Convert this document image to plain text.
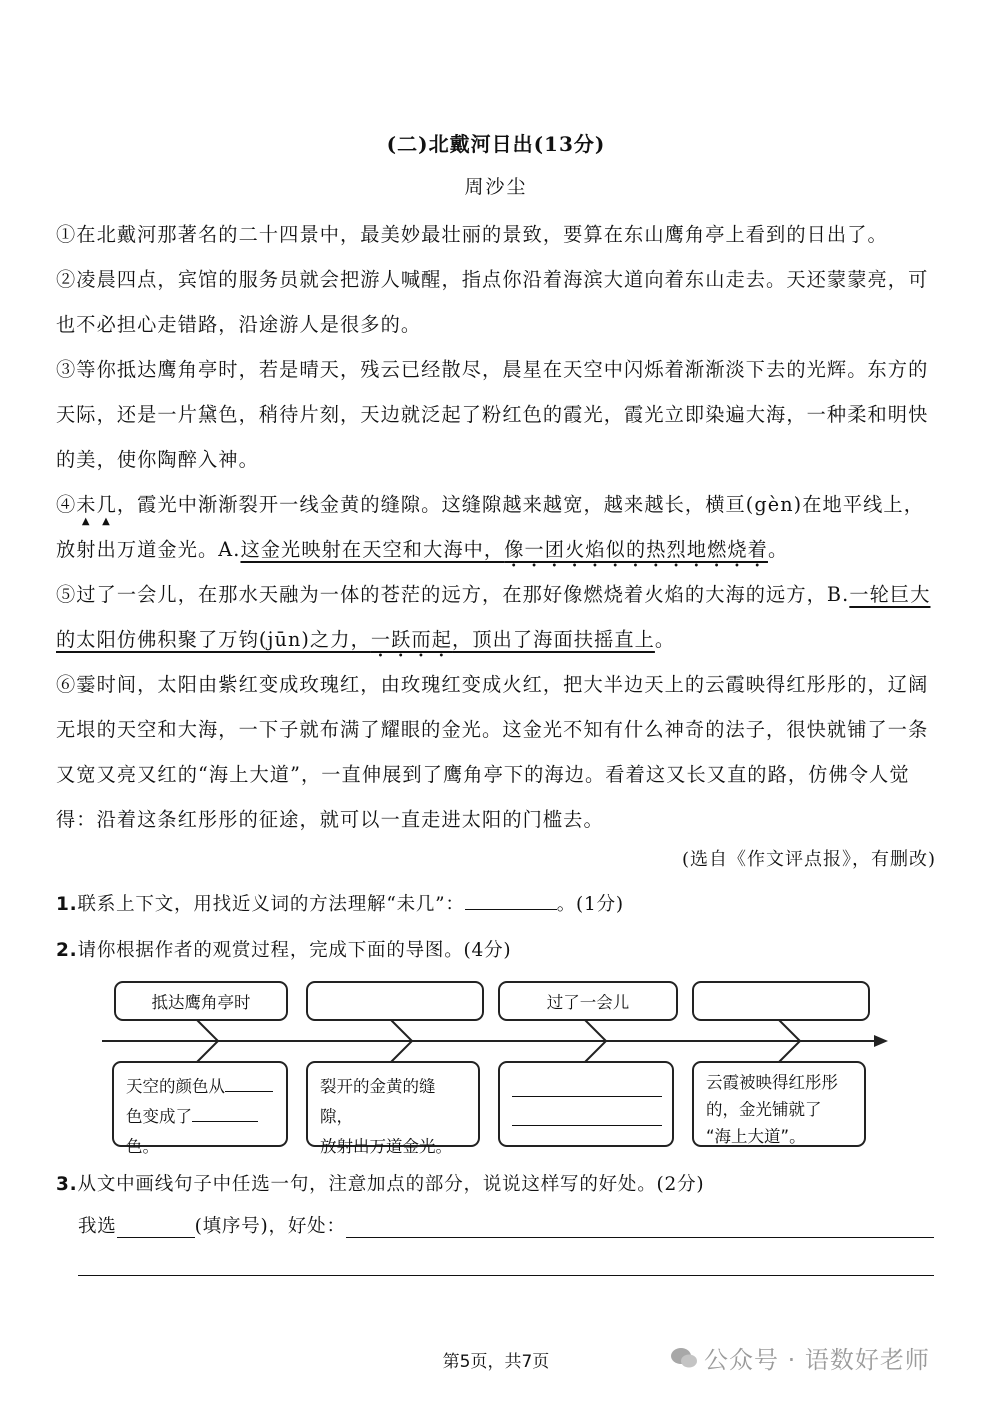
(二)北戴河日出(13分)
周沙尘

①在北戴河那著名的二十四景中，最美妙最壮丽的景致，要算在东山鹰角亭上看到的日出了。

②凌晨四点，宾馆的服务员就会把游人喊醒，指点你沿着海滨大道向着东山走去。天还蒙蒙亮，可也不必担心走错路，沿途游人是很多的。

③等你抵达鹰角亭时，若是晴天，残云已经散尽，晨星在天空中闪烁着渐渐淡下去的光辉。东方的天际，还是一片黛色，稍待片刻，天边就泛起了粉红色的霞光，霞光立即染遍大海，一种柔和明快的美，使你陶醉入神。

④未几，霞光中渐渐裂开一线金黄的缝隙。这缝隙越来越宽，越来越长，横亘(gèn)在地平线上，放射出万道金光。A.这金光映射在天空和大海中，像一团火焰似的热烈地燃烧着。

⑤过了一会儿，在那水天融为一体的苍茫的远方，在那好像燃烧着火焰的大海的远方，B.一轮巨大的太阳仿佛积聚了万钧(jūn)之力，一跃而起，顶出了海面扶摇直上。

⑥霎时间，太阳由紫红变成玫瑰红，由玫瑰红变成火红，把大半边天上的云霞映得红彤彤的，辽阔无垠的天空和大海，一下子就布满了耀眼的金光。这金光不知有什么神奇的法子，很快就铺了一条又宽又亮又红的“海上大道”，一直伸展到了鹰角亭下的海边。看着这又长又直的路，仿佛令人觉得：沿着这条红彤彤的征途，就可以一直走进太阳的门槛去。

(选自《作文评点报》，有删改)
1.联系上下文，用找近义词的方法理解“未几”：	。(1分)
2.请你根据作者的观赏过程，完成下面的导图。(4分)
抵达鹰角亭时	过了一会儿
天空的颜色从
色变成了色。
裂开的金黄的缝隙，
放射出万道金光。
云霞被映得红彤彤
的，金光铺就了
“海上大道”。
3.从文中画线句子中任选一句，注意加点的部分，说说这样写的好处。(2分)
我选	(填序号)，好处：
第5页，共7页	公众号 · 语数好老师
